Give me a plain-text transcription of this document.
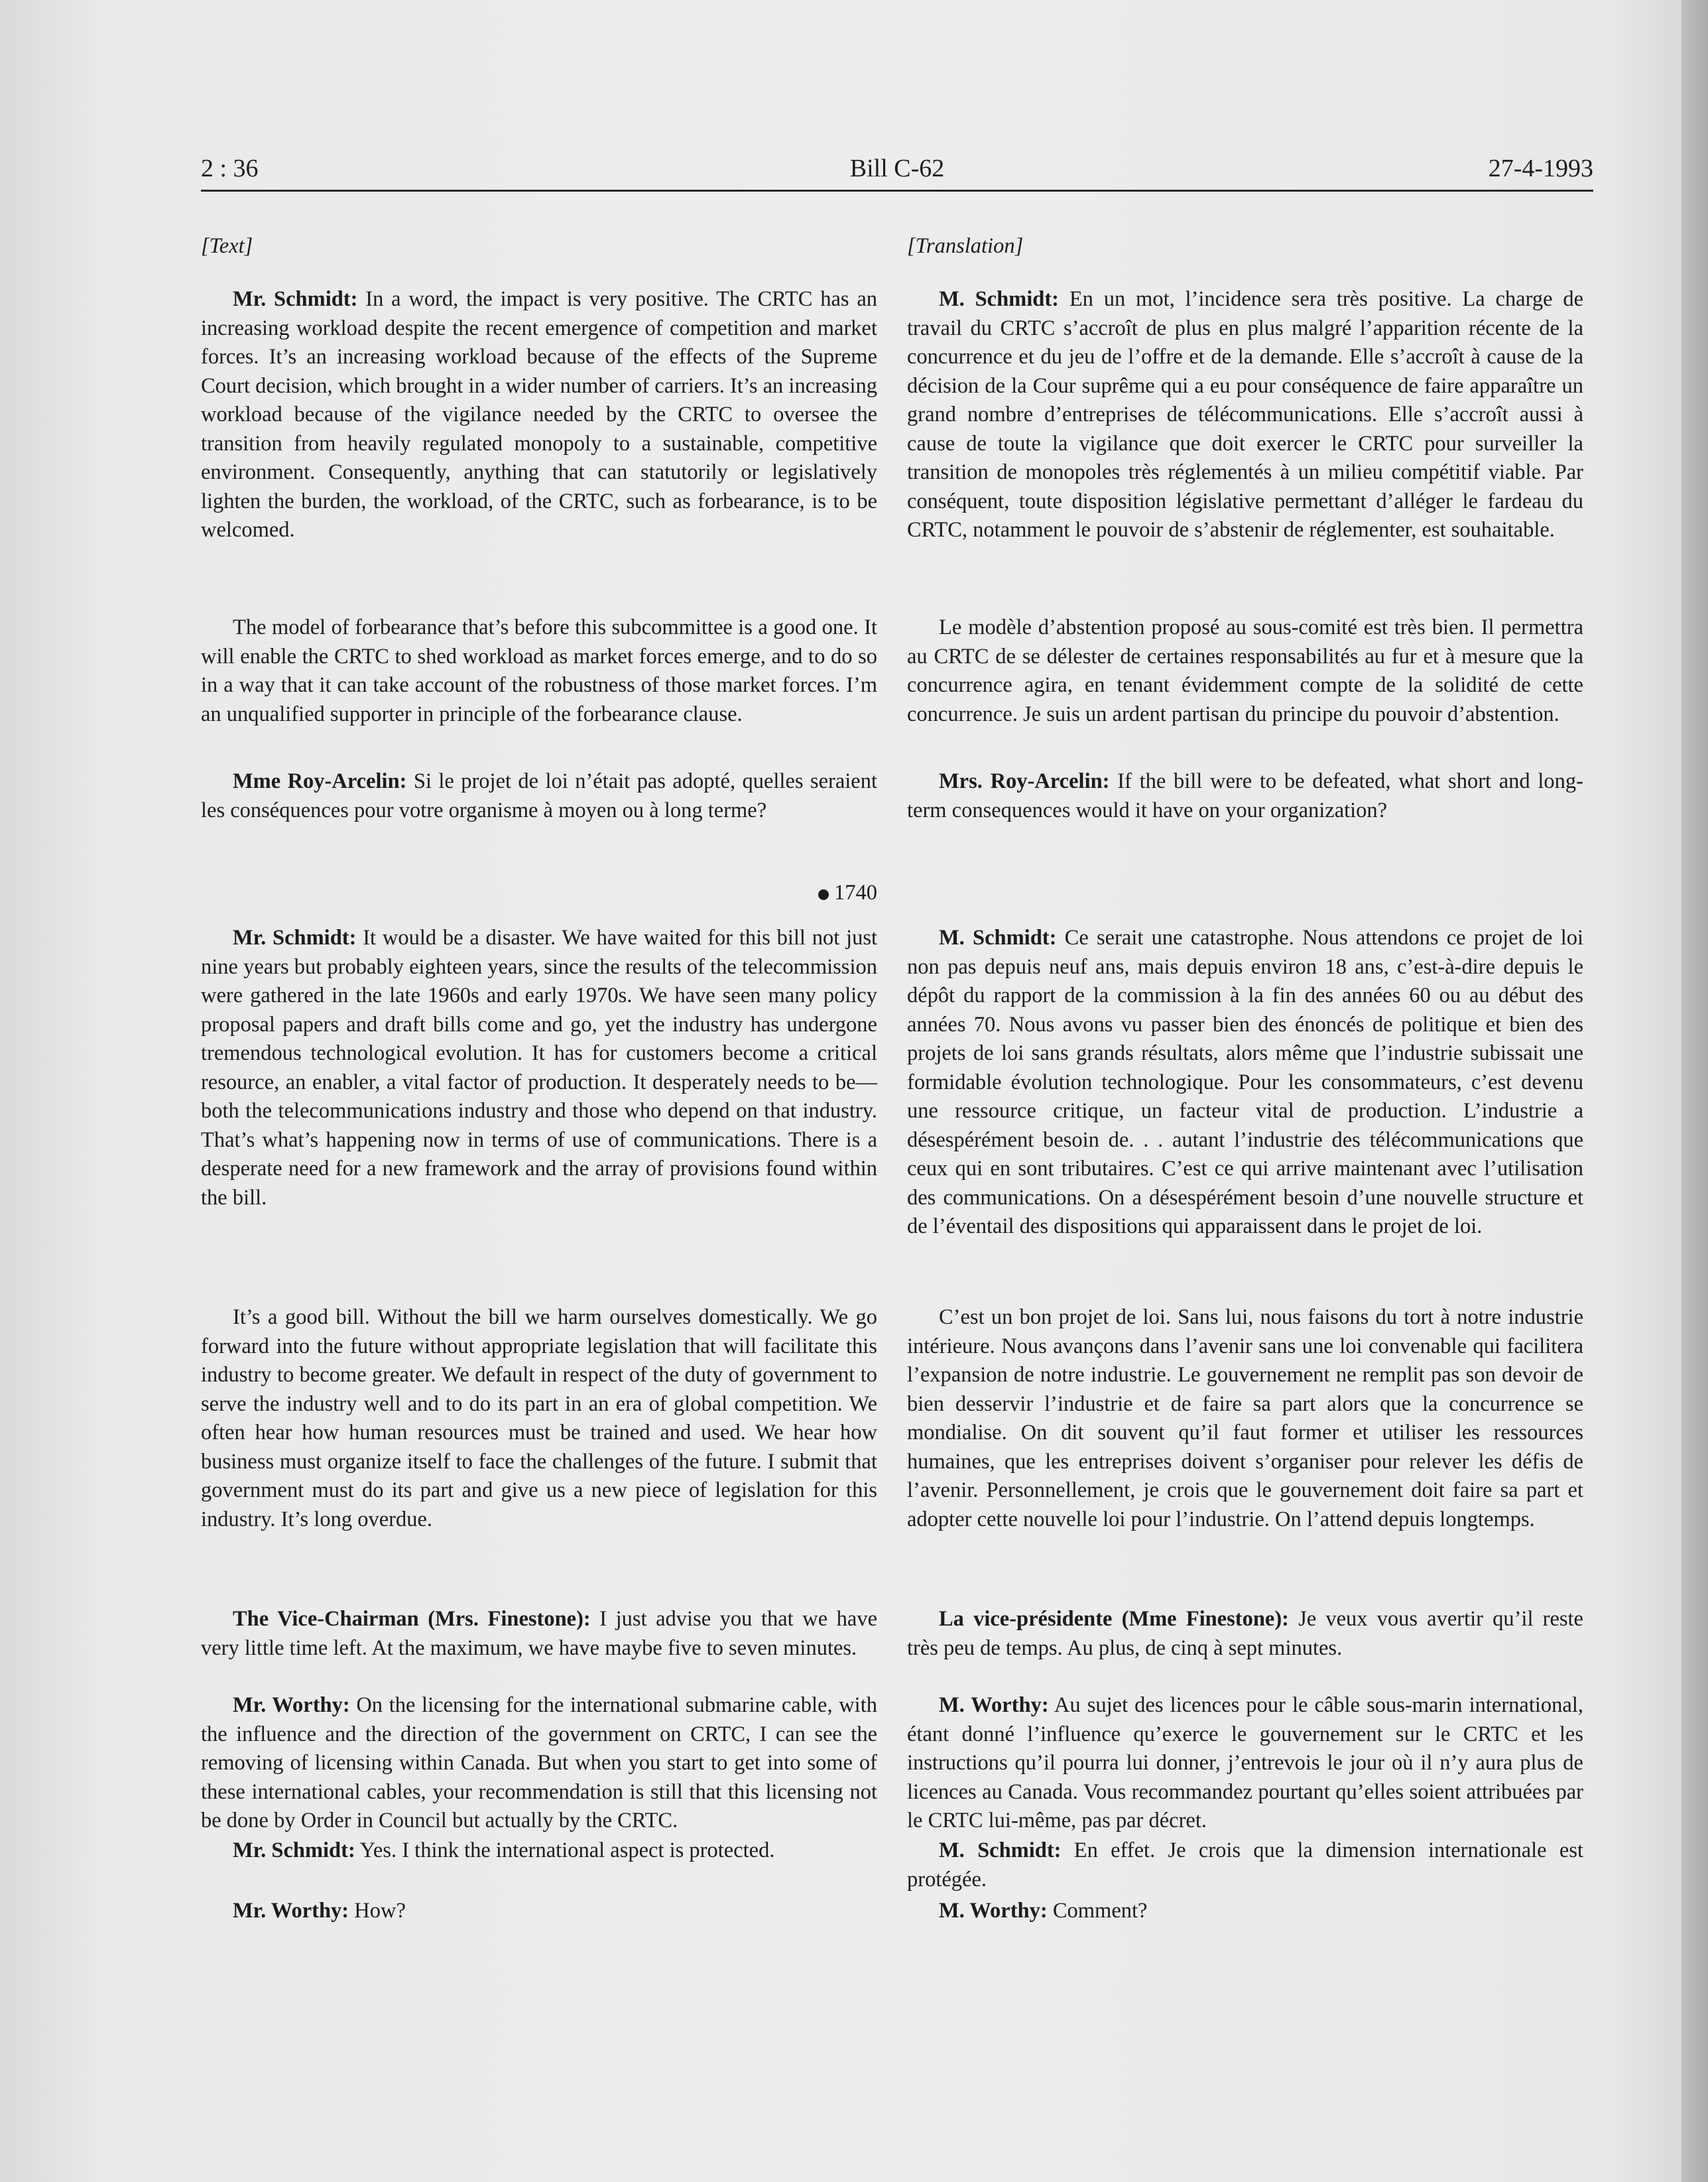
2 : 36	Bill C-62	27-4-1993

[Text]

Mr. Schmidt: In a word, the impact is very positive. The CRTC has an increasing workload despite the recent emergence of competition and market forces. It’s an increasing workload because of the effects of the Supreme Court decision, which brought in a wider number of carriers. It’s an increasing workload because of the vigilance needed by the CRTC to oversee the transition from heavily regulated monopoly to a sustainable, competitive environment. Consequently, anything that can statutorily or legislatively lighten the burden, the workload, of the CRTC, such as forbearance, is to be welcomed.

The model of forbearance that’s before this subcommittee is a good one. It will enable the CRTC to shed workload as market forces emerge, and to do so in a way that it can take account of the robustness of those market forces. I’m an unqualified supporter in principle of the forbearance clause.

Mme Roy-Arcelin: Si le projet de loi n’était pas adopté, quelles seraient les conséquences pour votre organisme à moyen ou à long terme?

1740

Mr. Schmidt: It would be a disaster. We have waited for this bill not just nine years but probably eighteen years, since the results of the telecommission were gathered in the late 1960s and early 1970s. We have seen many policy proposal papers and draft bills come and go, yet the industry has undergone tremendous technological evolution. It has for customers become a critical resource, an enabler, a vital factor of production. It desperately needs to be—both the telecommunications industry and those who depend on that industry. That’s what’s happening now in terms of use of communications. There is a desperate need for a new framework and the array of provisions found within the bill.

It’s a good bill. Without the bill we harm ourselves domestically. We go forward into the future without appropriate legislation that will facilitate this industry to become greater. We default in respect of the duty of government to serve the industry well and to do its part in an era of global competition. We often hear how human resources must be trained and used. We hear how business must organize itself to face the challenges of the future. I submit that government must do its part and give us a new piece of legislation for this industry. It’s long overdue.

The Vice-Chairman (Mrs. Finestone): I just advise you that we have very little time left. At the maximum, we have maybe five to seven minutes.

Mr. Worthy: On the licensing for the international submarine cable, with the influence and the direction of the government on CRTC, I can see the removing of licensing within Canada. But when you start to get into some of these international cables, your recommendation is still that this licensing not be done by Order in Council but actually by the CRTC.

Mr. Schmidt: Yes. I think the international aspect is protected.

Mr. Worthy: How?

[Translation]

M. Schmidt: En un mot, l’incidence sera très positive. La charge de travail du CRTC s’accroît de plus en plus malgré l’apparition récente de la concurrence et du jeu de l’offre et de la demande. Elle s’accroît à cause de la décision de la Cour suprême qui a eu pour conséquence de faire apparaître un grand nombre d’entreprises de télécommunications. Elle s’accroît aussi à cause de toute la vigilance que doit exercer le CRTC pour surveiller la transition de monopoles très réglementés à un milieu compétitif viable. Par conséquent, toute disposition législative permettant d’alléger le fardeau du CRTC, notamment le pouvoir de s’abstenir de réglementer, est souhaitable.

Le modèle d’abstention proposé au sous-comité est très bien. Il permettra au CRTC de se délester de certaines responsabilités au fur et à mesure que la concurrence agira, en tenant évidemment compte de la solidité de cette concurrence. Je suis un ardent partisan du principe du pouvoir d’abstention.

Mrs. Roy-Arcelin: If the bill were to be defeated, what short and long-term consequences would it have on your organization?

M. Schmidt: Ce serait une catastrophe. Nous attendons ce projet de loi non pas depuis neuf ans, mais depuis environ 18 ans, c’est-à-dire depuis le dépôt du rapport de la commission à la fin des années 60 ou au début des années 70. Nous avons vu passer bien des énoncés de politique et bien des projets de loi sans grands résultats, alors même que l’industrie subissait une formidable évolution technologique. Pour les consommateurs, c’est devenu une ressource critique, un facteur vital de production. L’industrie a désespérément besoin de. . . autant l’industrie des télécommunications que ceux qui en sont tributaires. C’est ce qui arrive maintenant avec l’utilisation des communications. On a désespérément besoin d’une nouvelle structure et de l’éventail des dispositions qui apparaissent dans le projet de loi.

C’est un bon projet de loi. Sans lui, nous faisons du tort à notre industrie intérieure. Nous avançons dans l’avenir sans une loi convenable qui facilitera l’expansion de notre industrie. Le gouvernement ne remplit pas son devoir de bien desservir l’industrie et de faire sa part alors que la concurrence se mondialise. On dit souvent qu’il faut former et utiliser les ressources humaines, que les entreprises doivent s’organiser pour relever les défis de l’avenir. Personnellement, je crois que le gouvernement doit faire sa part et adopter cette nouvelle loi pour l’industrie. On l’attend depuis longtemps.

La vice-présidente (Mme Finestone): Je veux vous avertir qu’il reste très peu de temps. Au plus, de cinq à sept minutes.

M. Worthy: Au sujet des licences pour le câble sous-marin international, étant donné l’influence qu’exerce le gouvernement sur le CRTC et les instructions qu’il pourra lui donner, j’entrevois le jour où il n’y aura plus de licences au Canada. Vous recommandez pourtant qu’elles soient attribuées par le CRTC lui-même, pas par décret.

M. Schmidt: En effet. Je crois que la dimension internationale est protégée.

M. Worthy: Comment?
